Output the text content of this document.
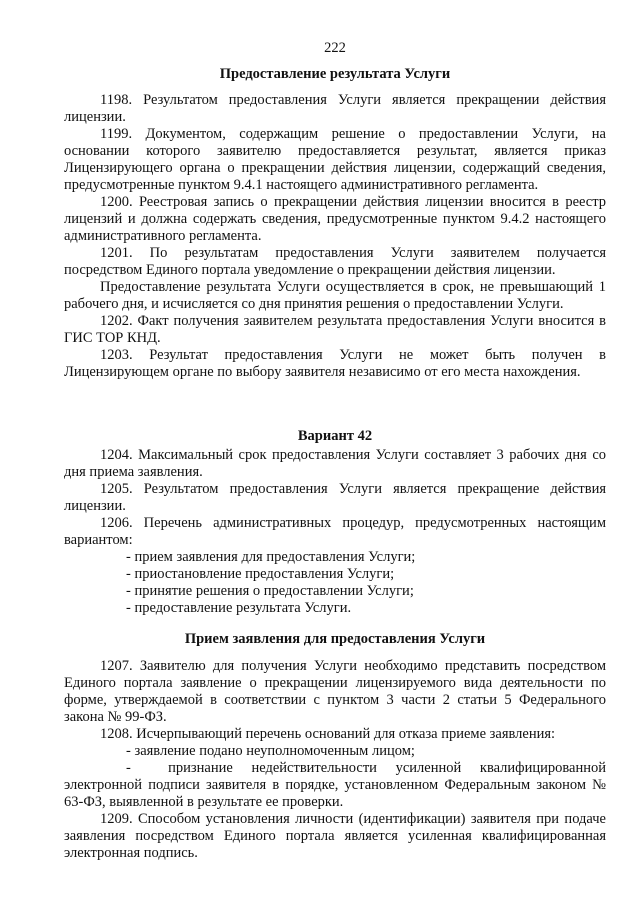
222
Предоставление результата Услуги

1198. Результатом предоставления Услуги является прекращении действия лицензии.

1199. Документом, содержащим решение о предоставлении Услуги, на основании которого заявителю предоставляется результат, является приказ Лицензирующего органа о прекращении действия лицензии, содержащий сведения, предусмотренные пунктом 9.4.1 настоящего административного регламента.

1200. Реестровая запись о прекращении действия лицензии вносится в реестр лицензий и должна содержать сведения, предусмотренные пунктом 9.4.2 настоящего административного регламента.

1201. По результатам предоставления Услуги заявителем получается посредством Единого портала уведомление о прекращении действия лицензии.

Предоставление результата Услуги осуществляется в срок, не превышающий 1 рабочего дня, и исчисляется со дня принятия решения о предоставлении Услуги.

1202. Факт получения заявителем результата предоставления Услуги вносится в ГИС ТОР КНД.

1203. Результат предоставления Услуги не может быть получен в Лицензирующем органе по выбору заявителя независимо от его места нахождения.

Вариант 42

1204. Максимальный срок предоставления Услуги составляет 3 рабочих дня со дня приема заявления.

1205. Результатом предоставления Услуги является прекращение действия лицензии.

1206. Перечень административных процедур, предусмотренных настоящим вариантом:

- прием заявления для предоставления Услуги;
- приостановление предоставления Услуги;
- принятие решения о предоставлении Услуги;
- предоставление результата Услуги.
Прием заявления для предоставления Услуги

1207. Заявителю для получения Услуги необходимо представить посредством Единого портала заявление о прекращении лицензируемого вида деятельности по форме, утверждаемой в соответствии с пунктом 3 части 2 статьи 5 Федерального закона № 99-ФЗ.

1208. Исчерпывающий перечень оснований для отказа приеме заявления:

- заявление подано неуполномоченным лицом;

-  признание недействительности усиленной квалифицированной электронной подписи заявителя в порядке, установленном Федеральным законом № 63-ФЗ, выявленной в результате ее проверки.

1209. Способом установления личности (идентификации) заявителя при подаче заявления посредством Единого портала является усиленная квалифицированная электронная подпись.
